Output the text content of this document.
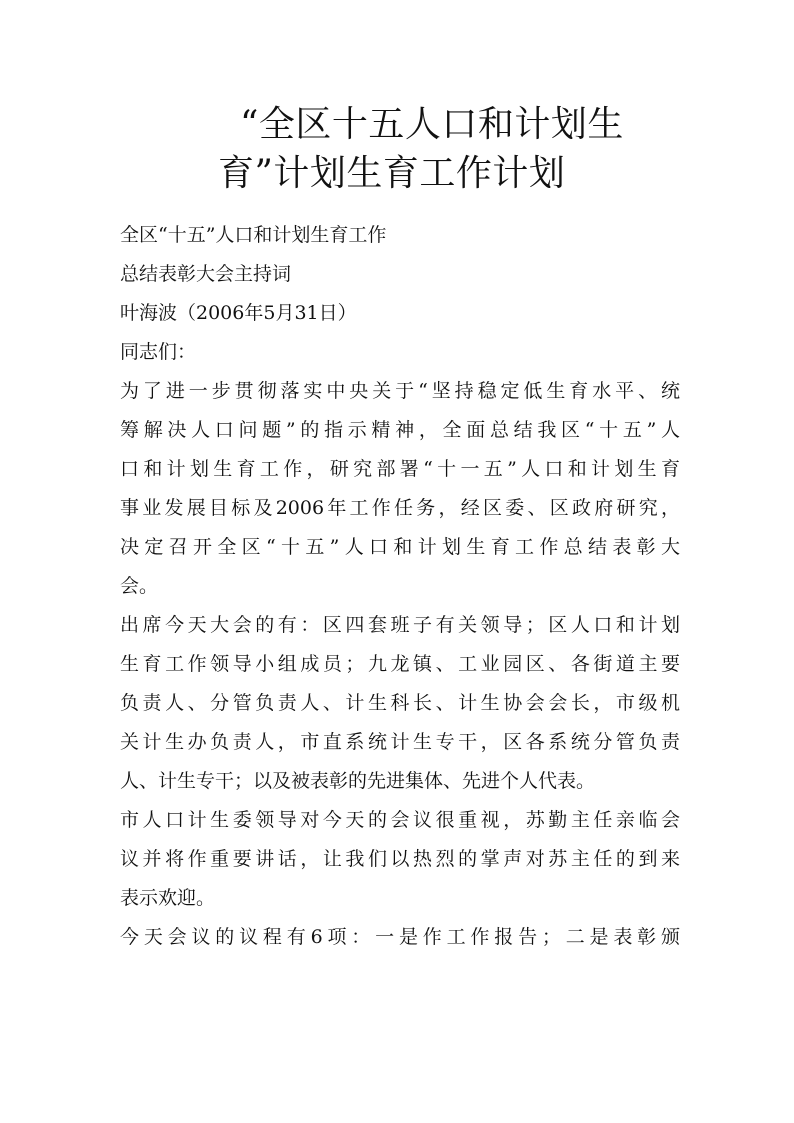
“全区十五人口和计划生
育”计划生育工作计划
全区“十五”人口和计划生育工作
总结表彰大会主持词
叶海波（2006年5月31日）
同志们：
为了进一步贯彻落实中央关于“坚持稳定低生育水平、统
筹解决人口问题”的指示精神，全面总结我区“十五”人
口和计划生育工作，研究部署“十一五”人口和计划生育
事业发展目标及2006年工作任务，经区委、区政府研究，
决定召开全区“十五”人口和计划生育工作总结表彰大
会。
出席今天大会的有：区四套班子有关领导；区人口和计划
生育工作领导小组成员；九龙镇、工业园区、各街道主要
负责人、分管负责人、计生科长、计生协会会长，市级机
关计生办负责人，市直系统计生专干，区各系统分管负责
人、计生专干；以及被表彰的先进集体、先进个人代表。
市人口计生委领导对今天的会议很重视，苏勤主任亲临会
议并将作重要讲话，让我们以热烈的掌声对苏主任的到来
表示欢迎。
今天会议的议程有6项：一是作工作报告；二是表彰颁
